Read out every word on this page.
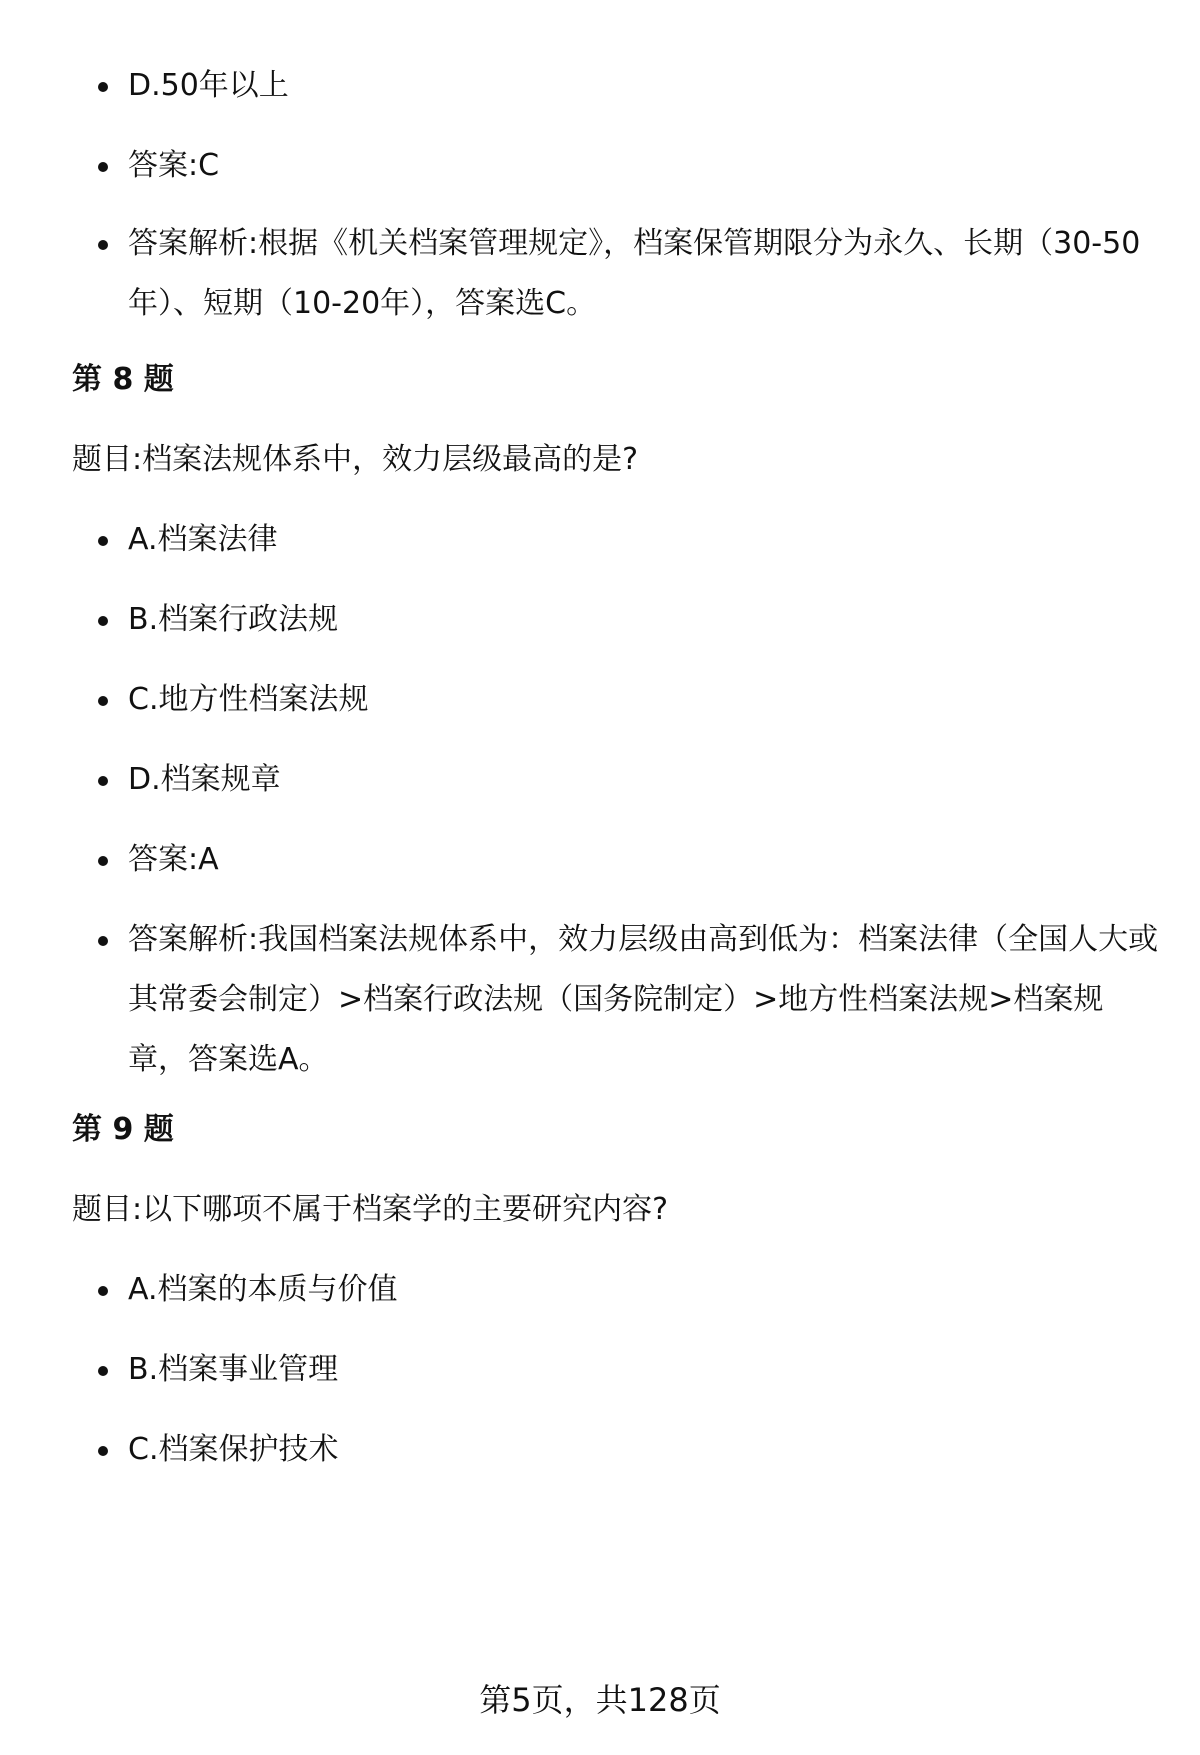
D.50年以上
答案:C
答案解析:根据《机关档案管理规定》，档案保管期限分为永久、长期（30-50年）、短期（10-20年），答案选C。
第 8 题
题目:档案法规体系中，效力层级最高的是?
A.档案法律
B.档案行政法规
C.地方性档案法规
D.档案规章
答案:A
答案解析:我国档案法规体系中，效力层级由高到低为：档案法律（全国人大或其常委会制定）>档案行政法规（国务院制定）>地方性档案法规>档案规章，答案选A。
第 9 题
题目:以下哪项不属于档案学的主要研究内容?
A.档案的本质与价值
B.档案事业管理
C.档案保护技术
第5页，共128页
